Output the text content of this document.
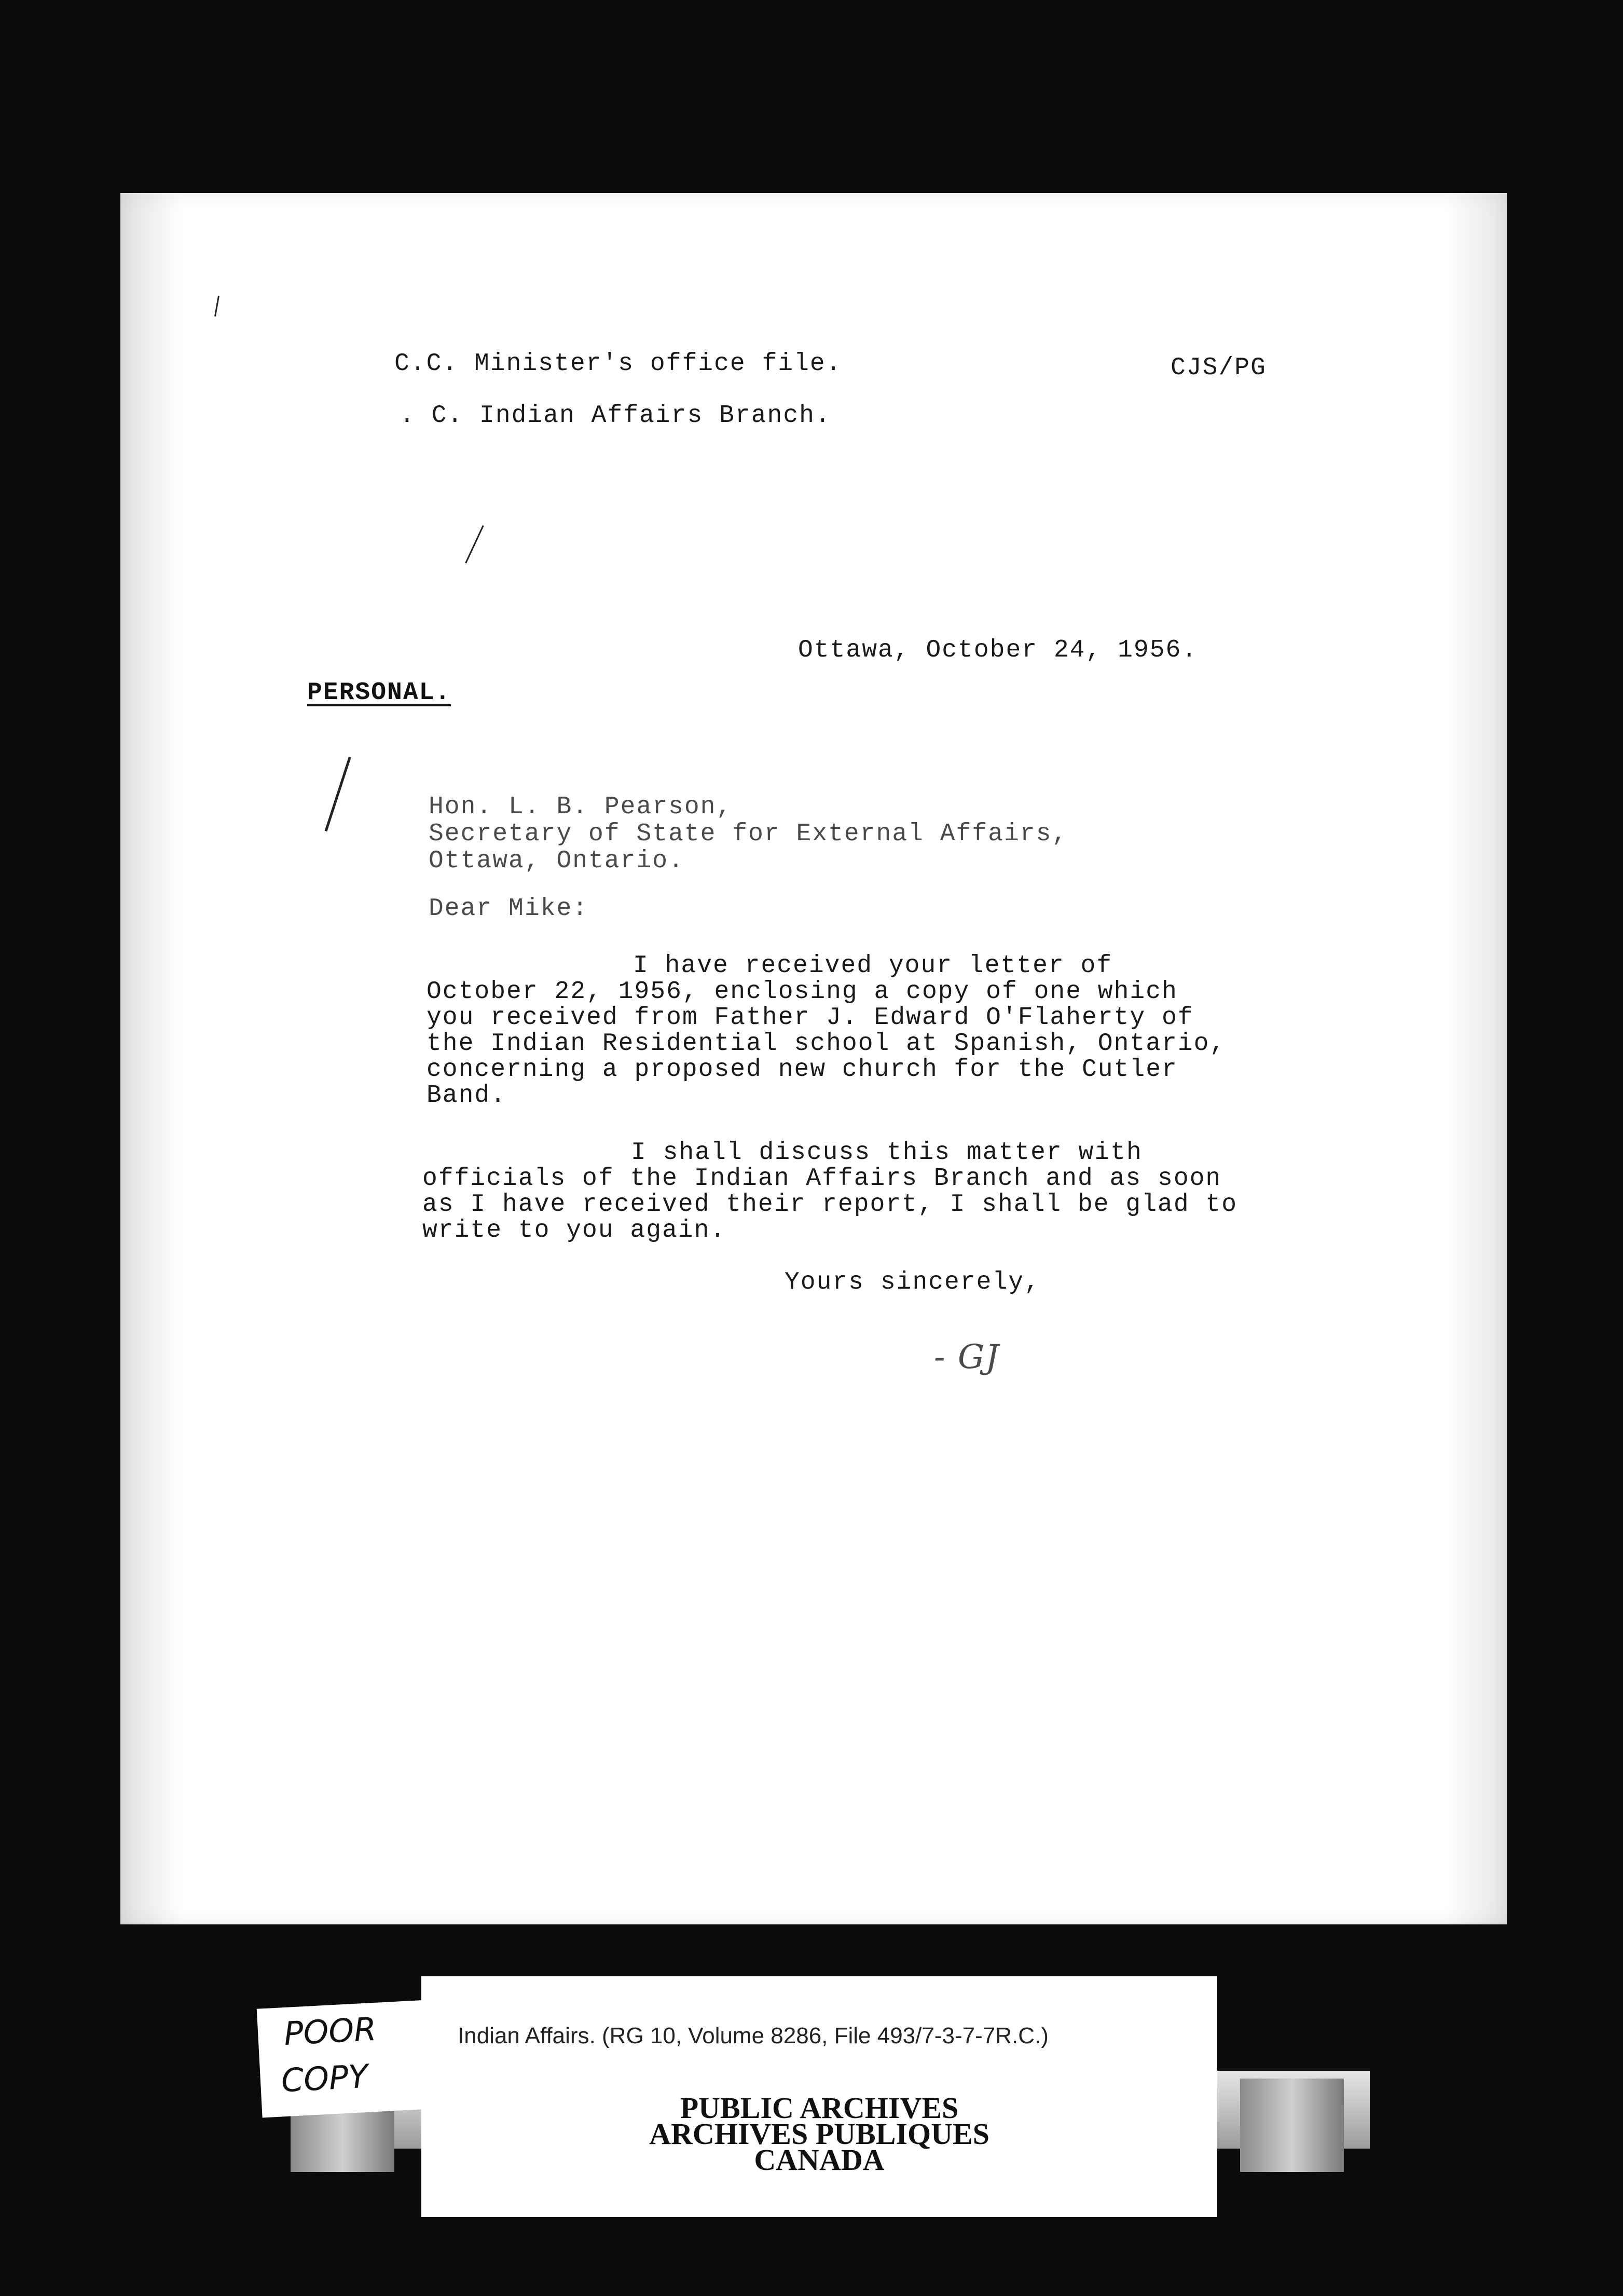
C.C. Minister's office file.
. C. Indian Affairs Branch.
CJS/PG
Ottawa, October 24, 1956.
PERSONAL.
Hon. L. B. Pearson,
Secretary of State for External Affairs,
Ottawa, Ontario.
Dear Mike:
I have received your letter of
October 22, 1956, enclosing a copy of one which
you received from Father J. Edward O'Flaherty of
the Indian Residential school at Spanish, Ontario,
concerning a proposed new church for the Cutler
Band.
I shall discuss this matter with
officials of the Indian Affairs Branch and as soon
as I have received their report, I shall be glad to
write to you again.
Yours sincerely,
- GJ
Indian Affairs. (RG 10, Volume 8286, File 493/7-3-7-7R.C.)
PUBLIC ARCHIVES
ARCHIVES PUBLIQUES
CANADA
POOR
COPY
